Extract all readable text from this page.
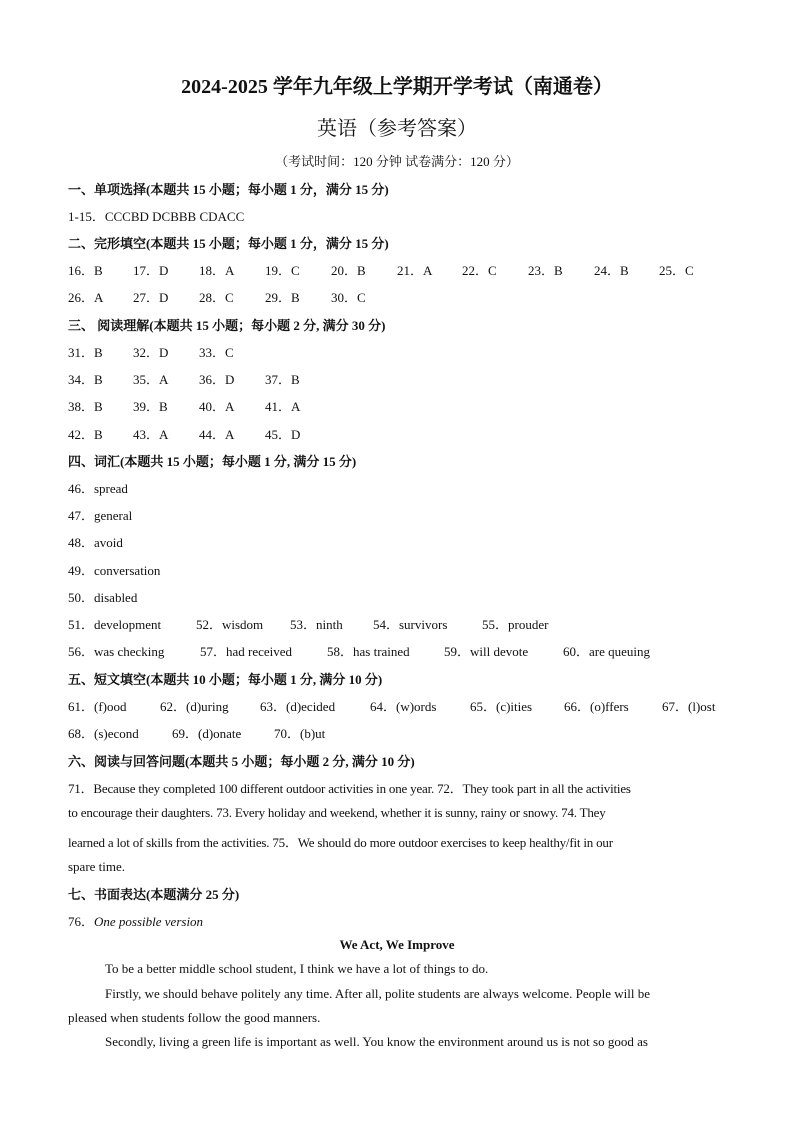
2024-2025 学年九年级上学期开学考试（南通卷）
英语（参考答案）
（考试时间：120 分钟 试卷满分：120 分）
一、单项选择(本题共 15 小题；每小题 1 分，满分 15 分)
1-15．CCCBD DCBBB CDACC
二、完形填空(本题共 15 小题；每小题 1 分，满分 15 分)
16．B 17．D 18．A 19．C 20．B 21．A 22．C 23．B 24．B 25．C
26．A 27．D 28．C 29．B 30．C
三、 阅读理解(本题共 15 小题；每小题 2 分, 满分 30 分)
31．B 32．D 33．C
34．B 35．A 36．D 37．B
38．B 39．B 40．A 41．A
42．B 43．A 44．A 45．D
四、词汇(本题共 15 小题；每小题 1 分, 满分 15 分)
46．spread
47．general
48．avoid
49．conversation
50．disabled
51．development	52．wisdom 53．ninth 54．survivors	55．prouder
56．was checking	57．had received	58．has trained	59．will devote	60．are queuing
五、短文填空(本题共 10 小题；每小题 1 分, 满分 10 分)
61．(f)ood	62．(d)uring 63．(d)ecided	64．(w)ords	65．(c)ities 66．(o)ffers	67．(l)ost
68．(s)econd	69．(d)onate	70．(b)ut
六、阅读与回答问题(本题共 5 小题；每小题 2 分, 满分 10 分)
71．Because they completed 100 different outdoor activities in one year. 72．They took part in all the activities
to encourage their daughters. 73. Every holiday and weekend, whether it is sunny, rainy or snowy. 74. They
learned a lot of skills from the activities. 75．We should do more outdoor exercises to keep healthy/fit in our
spare time.
七、书面表达(本题满分 25 分)
76．One possible version
We Act, We Improve
To be a better middle school student, I think we have a lot of things to do.
Firstly, we should behave politely any time. After all, polite students are always welcome. People will be
pleased when students follow the good manners.
Secondly, living a green life is important as well. You know the environment around us is not so good as
